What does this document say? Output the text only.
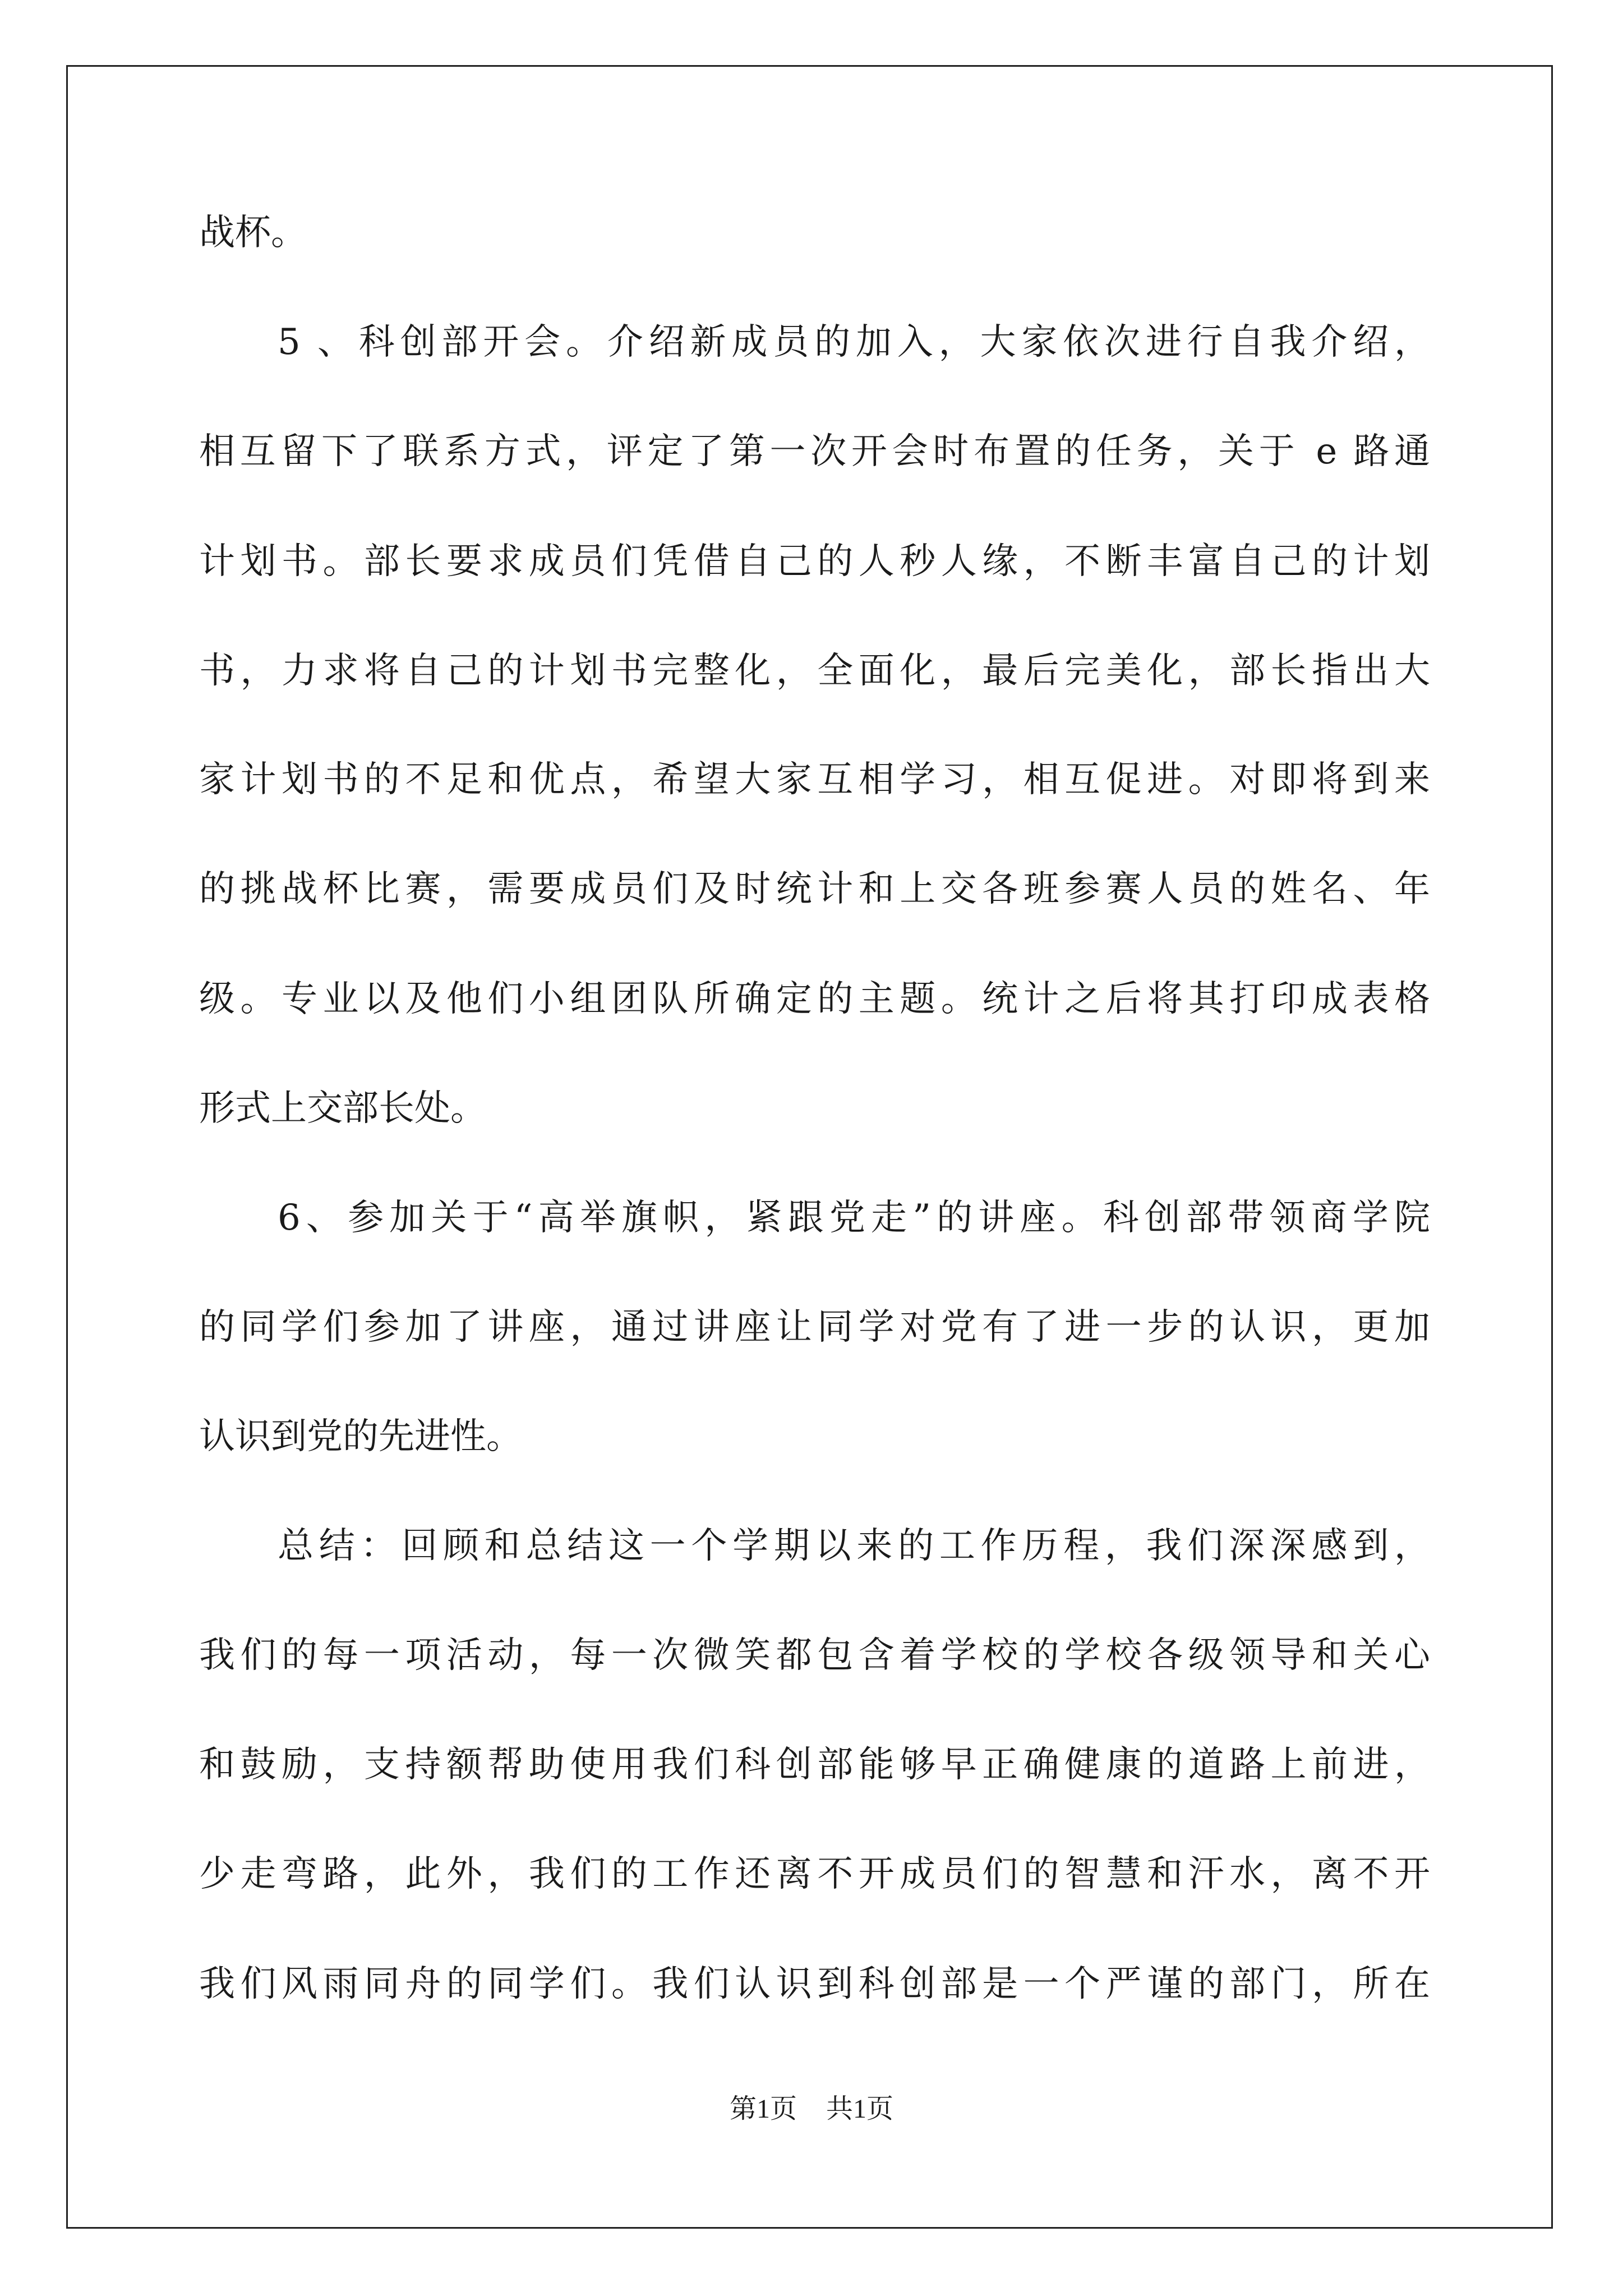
战杯。
5 、科创部开会。介绍新成员的加入，大家依次进行自我介绍，
相互留下了联系方式，评定了第一次开会时布置的任务，关于 e 路通
计划书。部长要求成员们凭借自己的人秒人缘，不断丰富自己的计划
书，力求将自己的计划书完整化，全面化，最后完美化，部长指出大
家计划书的不足和优点，希望大家互相学习，相互促进。对即将到来
的挑战杯比赛，需要成员们及时统计和上交各班参赛人员的姓名、年
级。专业以及他们小组团队所确定的主题。统计之后将其打印成表格
形式上交部长处。
6、参加关于“高举旗帜，紧跟党走”的讲座。科创部带领商学院
的同学们参加了讲座，通过讲座让同学对党有了进一步的认识，更加
认识到党的先进性。
总结：回顾和总结这一个学期以来的工作历程，我们深深感到，
我们的每一项活动，每一次微笑都包含着学校的学校各级领导和关心
和鼓励，支持额帮助使用我们科创部能够早正确健康的道路上前进，
少走弯路，此外，我们的工作还离不开成员们的智慧和汗水，离不开
我们风雨同舟的同学们。我们认识到科创部是一个严谨的部门，所在
第1页 共1页
